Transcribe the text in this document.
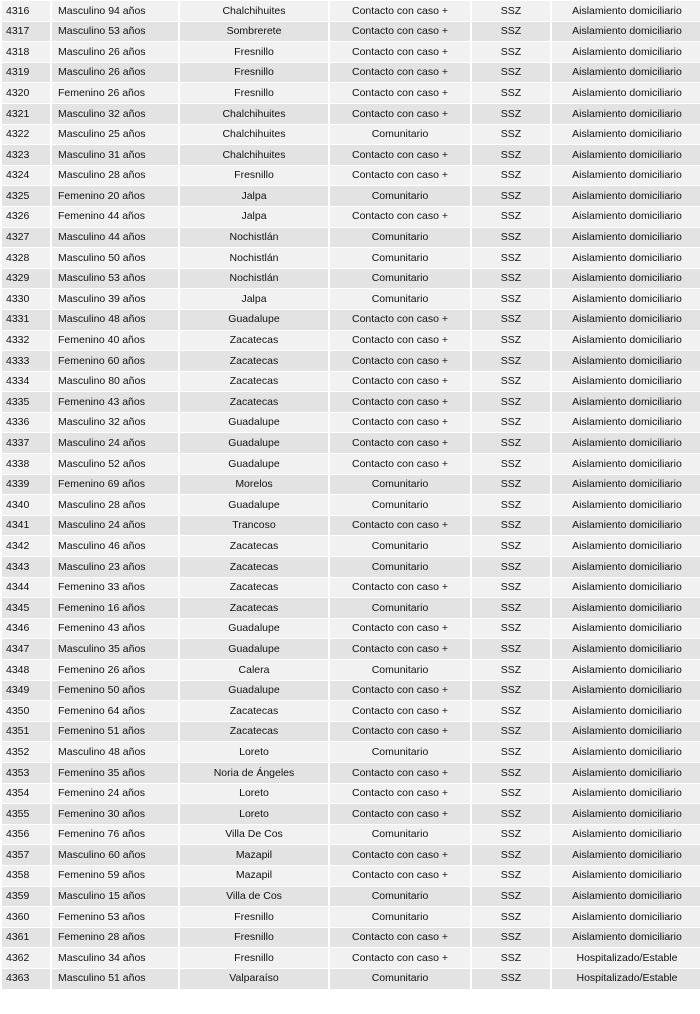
4316	Masculino 94 años	Chalchihuites	Contacto con caso +	SSZ	Aislamiento domiciliario
4317	Masculino 53 años	Sombrerete	Contacto con caso +	SSZ	Aislamiento domiciliario
4318	Masculino 26 años	Fresnillo	Contacto con caso +	SSZ	Aislamiento domiciliario
4319	Masculino 26 años	Fresnillo	Contacto con caso +	SSZ	Aislamiento domiciliario
4320	Femenino 26 años	Fresnillo	Contacto con caso +	SSZ	Aislamiento domiciliario
4321	Masculino 32 años	Chalchihuites	Contacto con caso +	SSZ	Aislamiento domiciliario
4322	Masculino 25 años	Chalchihuites	Comunitario	SSZ	Aislamiento domiciliario
4323	Masculino 31 años	Chalchihuites	Contacto con caso +	SSZ	Aislamiento domiciliario
4324	Masculino 28 años	Fresnillo	Contacto con caso +	SSZ	Aislamiento domiciliario
4325	Femenino 20 años	Jalpa	Comunitario	SSZ	Aislamiento domiciliario
4326	Femenino 44 años	Jalpa	Contacto con caso +	SSZ	Aislamiento domiciliario
4327	Masculino 44 años	Nochistlán	Comunitario	SSZ	Aislamiento domiciliario
4328	Masculino 50 años	Nochistlán	Comunitario	SSZ	Aislamiento domiciliario
4329	Masculino 53 años	Nochistlán	Comunitario	SSZ	Aislamiento domiciliario
4330	Masculino 39 años	Jalpa	Comunitario	SSZ	Aislamiento domiciliario
4331	Masculino 48 años	Guadalupe	Contacto con caso +	SSZ	Aislamiento domiciliario
4332	Femenino 40 años	Zacatecas	Contacto con caso +	SSZ	Aislamiento domiciliario
4333	Femenino 60 años	Zacatecas	Contacto con caso +	SSZ	Aislamiento domiciliario
4334	Masculino 80 años	Zacatecas	Contacto con caso +	SSZ	Aislamiento domiciliario
4335	Femenino 43 años	Zacatecas	Contacto con caso +	SSZ	Aislamiento domiciliario
4336	Masculino 32 años	Guadalupe	Contacto con caso +	SSZ	Aislamiento domiciliario
4337	Masculino 24 años	Guadalupe	Contacto con caso +	SSZ	Aislamiento domiciliario
4338	Masculino 52 años	Guadalupe	Contacto con caso +	SSZ	Aislamiento domiciliario
4339	Femenino 69 años	Morelos	Comunitario	SSZ	Aislamiento domiciliario
4340	Masculino 28 años	Guadalupe	Comunitario	SSZ	Aislamiento domiciliario
4341	Masculino 24 años	Trancoso	Contacto con caso +	SSZ	Aislamiento domiciliario
4342	Masculino 46 años	Zacatecas	Comunitario	SSZ	Aislamiento domiciliario
4343	Masculino 23 años	Zacatecas	Comunitario	SSZ	Aislamiento domiciliario
4344	Femenino 33 años	Zacatecas	Contacto con caso +	SSZ	Aislamiento domiciliario
4345	Femenino 16 años	Zacatecas	Comunitario	SSZ	Aislamiento domiciliario
4346	Femenino 43 años	Guadalupe	Contacto con caso +	SSZ	Aislamiento domiciliario
4347	Masculino 35 años	Guadalupe	Contacto con caso +	SSZ	Aislamiento domiciliario
4348	Femenino 26 años	Calera	Comunitario	SSZ	Aislamiento domiciliario
4349	Femenino 50 años	Guadalupe	Contacto con caso +	SSZ	Aislamiento domiciliario
4350	Femenino 64 años	Zacatecas	Contacto con caso +	SSZ	Aislamiento domiciliario
4351	Femenino 51 años	Zacatecas	Contacto con caso +	SSZ	Aislamiento domiciliario
4352	Masculino 48 años	Loreto	Comunitario	SSZ	Aislamiento domiciliario
4353	Femenino 35 años	Noria de Ángeles	Contacto con caso +	SSZ	Aislamiento domiciliario
4354	Femenino 24 años	Loreto	Contacto con caso +	SSZ	Aislamiento domiciliario
4355	Femenino 30 años	Loreto	Contacto con caso +	SSZ	Aislamiento domiciliario
4356	Femenino 76 años	Villa De Cos	Comunitario	SSZ	Aislamiento domiciliario
4357	Masculino 60 años	Mazapil	Contacto con caso +	SSZ	Aislamiento domiciliario
4358	Femenino 59 años	Mazapil	Contacto con caso +	SSZ	Aislamiento domiciliario
4359	Masculino 15 años	Villa de Cos	Comunitario	SSZ	Aislamiento domiciliario
4360	Femenino 53 años	Fresnillo	Comunitario	SSZ	Aislamiento domiciliario
4361	Femenino 28 años	Fresnillo	Contacto con caso +	SSZ	Aislamiento domiciliario
4362	Masculino 34 años	Fresnillo	Contacto con caso +	SSZ	Hospitalizado/Estable
4363	Masculino 51 años	Valparaíso	Comunitario	SSZ	Hospitalizado/Estable
